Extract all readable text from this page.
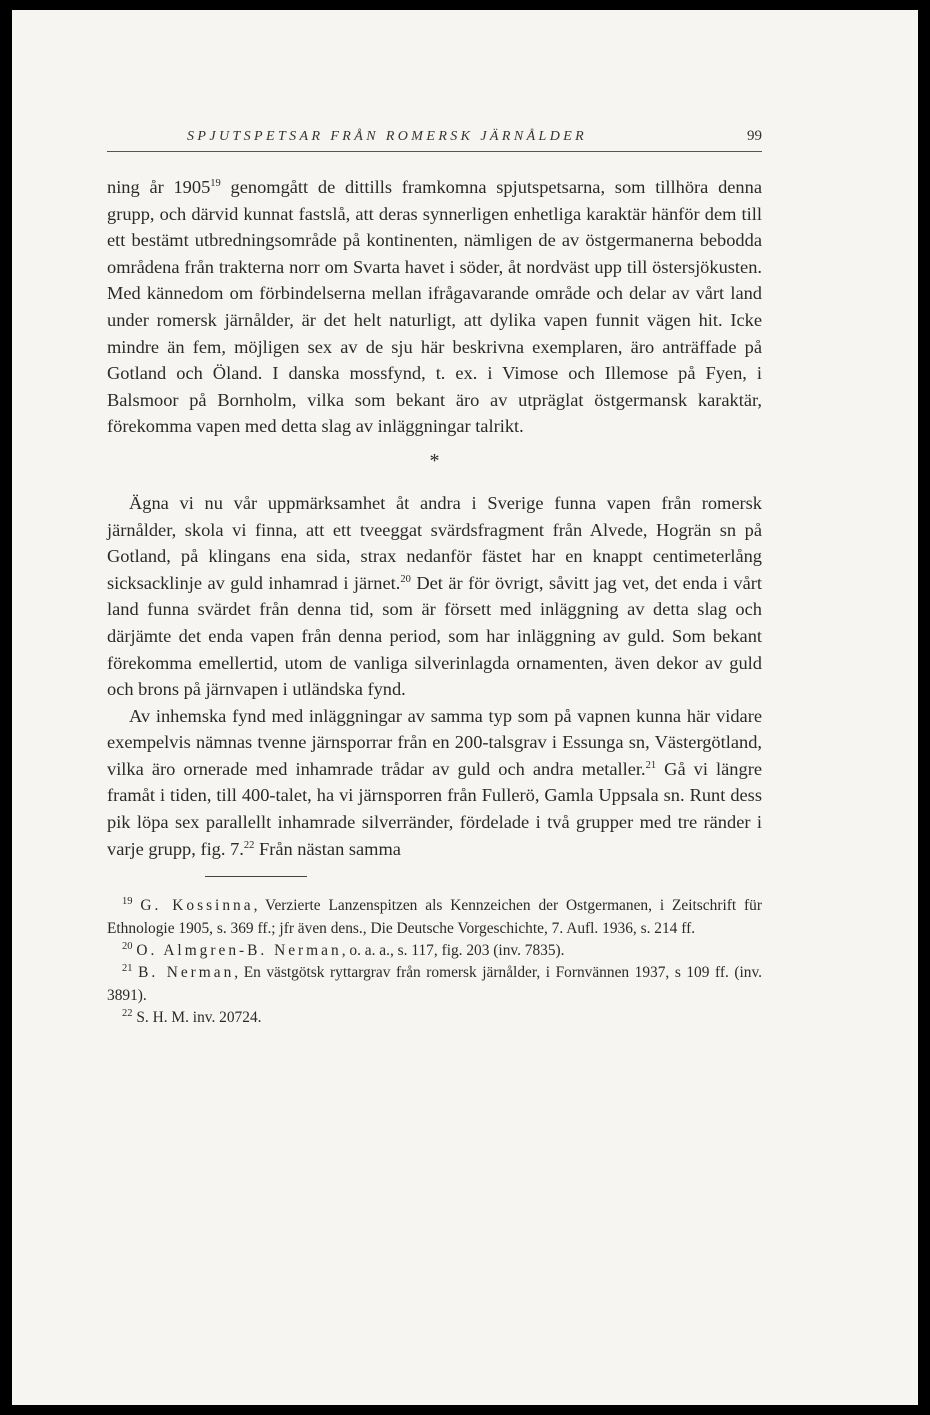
SPJUTSPETSAR FRÅN ROMERSK JÄRNÅLDER	99

ning år 1905$^{19}$ genomgått de dittills framkomna spjutspetsarna, som tillhöra denna grupp, och därvid kunnat fastslå, att deras synnerligen enhetliga karaktär hänför dem till ett bestämt utbredningsområde på kontinenten, nämligen de av östgermanerna bebodda områdena från trakterna norr om Svarta havet i söder, åt nordväst upp till östersjökusten. Med kännedom om förbindelserna mellan ifrågavarande område och delar av vårt land under romersk järnålder, är det helt naturligt, att dylika vapen funnit vägen hit. Icke mindre än fem, möjligen sex av de sju här beskrivna exemplaren, äro anträffade på Gotland och Öland. I danska mossfynd, t. ex. i Vimose och Illemose på Fyen, i Balsmoor på Bornholm, vilka som bekant äro av utpräglat östgermansk karaktär, förekomma vapen med detta slag av inläggningar talrikt.

*

Ägna vi nu vår uppmärksamhet åt andra i Sverige funna vapen från romersk järnålder, skola vi finna, att ett tveeggat svärdsfragment från Alvede, Hogrän sn på Gotland, på klingans ena sida, strax nedanför fästet har en knappt centimeterlång sicksacklinje av guld inhamrad i järnet.$^{20}$ Det är för övrigt, såvitt jag vet, det enda i vårt land funna svärdet från denna tid, som är försett med inläggning av detta slag och därjämte det enda vapen från denna period, som har inläggning av guld. Som bekant förekomma emellertid, utom de vanliga silverinlagda ornamenten, även dekor av guld och brons på järnvapen i utländska fynd.

Av inhemska fynd med inläggningar av samma typ som på vapnen kunna här vidare exempelvis nämnas tvenne järnsporrar från en 200-talsgrav i Essunga sn, Västergötland, vilka äro ornerade med inhamrade trådar av guld och andra metaller.$^{21}$ Gå vi längre framåt i tiden, till 400-talet, ha vi järnsporren från Fullerö, Gamla Uppsala sn. Runt dess pik löpa sex parallellt inhamrade silverränder, fördelade i två grupper med tre ränder i varje grupp, fig. 7.22 Från nästan samma

$^{19}$ G. Kossinna, Verzierte Lanzenspitzen als Kennzeichen der Ostgermanen, i Zeitschrift für Ethnologie 1905, s. 369 ff.; jfr även dens., Die Deutsche Vorgeschichte, 7. Aufl. 1936, s. 214 ff.

$^{20}$ O. Almgren-B. Nerman, o. a. a., s. 117, fig. 203 (inv. 7835).

$^{21}$ B. Nerman, En västgötsk ryttargrav från romersk järnålder, i Fornvännen 1937, s 109 ff. (inv. 3891).

$^{22}$ S. H. M. inv. 20724.
